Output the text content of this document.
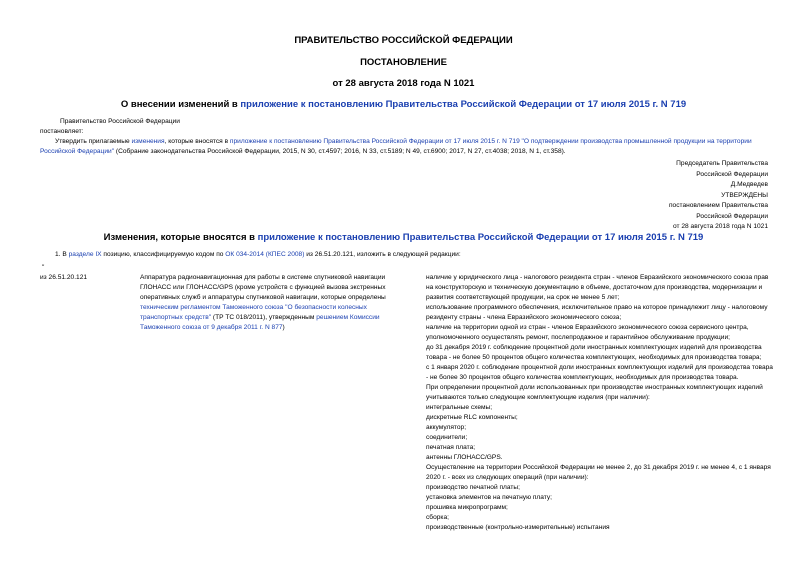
ПРАВИТЕЛЬСТВО РОССИЙСКОЙ ФЕДЕРАЦИИ
ПОСТАНОВЛЕНИЕ
от 28 августа 2018 года N 1021
О внесении изменений в приложение к постановлению Правительства Российской Федерации от 17 июля 2015 г. N 719
Правительство Российской Федерации
постановляет:

Утвердить прилагаемые изменения, которые вносятся в приложение к постановлению Правительства Российской Федерации от 17 июля 2015 г. N 719 "О подтверждении производства промышленной продукции на территории Российской Федерации" (Собрание законодательства Российской Федерации, 2015, N 30, ст.4597; 2016, N 33, ст.5189; N 49, ст.6900; 2017, N 27, ст.4038; 2018, N 1, ст.358).

Председатель Правительства
Российской Федерации
Д.Медведев
УТВЕРЖДЕНЫ
постановлением Правительства
Российской Федерации
от 28 августа 2018 года N 1021
Изменения, которые вносятся в приложение к постановлению Правительства Российской Федерации от 17 июля 2015 г. N 719

1. В разделе IX позицию, классифицируемую кодом по ОК 034-2014 (КПЕС 2008) из 26.51.20.121, изложить в следующей редакции:

"
из 26.51.20.121	Аппаратура радионавигационная для работы в системе спутниковой навигации ГЛОНАСС или ГЛОНАСС/GPS (кроме устройств с функцией вызова экстренных оперативных служб и аппаратуры спутниковой навигации, которые определены техническим регламентом Таможенного союза "О безопасности колесных транспортных средств" (ТР ТС 018/2011), утвержденным решением Комиссии Таможенного союза от 9 декабря 2011 г. N 877)
наличие у юридического лица - налогового резидента стран - членов Евразийского экономического союза прав на конструкторскую и техническую документацию в объеме, достаточном для производства, модернизации и развития соответствующей продукции, на срок не менее 5 лет;
использование программного обеспечения, исключительное право на которое принадлежит лицу - налоговому резиденту страны - члена Евразийского экономического союза;
наличие на территории одной из стран - членов Евразийского экономического союза сервисного центра, уполномоченного осуществлять ремонт, послепродажное и гарантийное обслуживание продукции;
до 31 декабря 2019 г. соблюдение процентной доли иностранных комплектующих изделий для производства товара - не более 50 процентов общего количества комплектующих, необходимых для производства товара;
с 1 января 2020 г. соблюдение процентной доли иностранных комплектующих изделий для производства товара - не более 30 процентов общего количества комплектующих, необходимых для производства товара.
При определении процентной доли использованных при производстве иностранных комплектующих изделий учитываются только следующие комплектующие изделия (при наличии):
интегральные схемы;
дискретные RLC компоненты;
аккумулятор;
соединители;
печатная плата;
антенны ГЛОНАСС/GPS.
Осуществление на территории Российской Федерации не менее 2, до 31 декабря 2019 г. не менее 4, с 1 января 2020 г. - всех из следующих операций (при наличии):
производство печатной платы;
установка элементов на печатную плату;
прошивка микропрограмм;
сборка;
производственные (контрольно-измерительные) испытания
